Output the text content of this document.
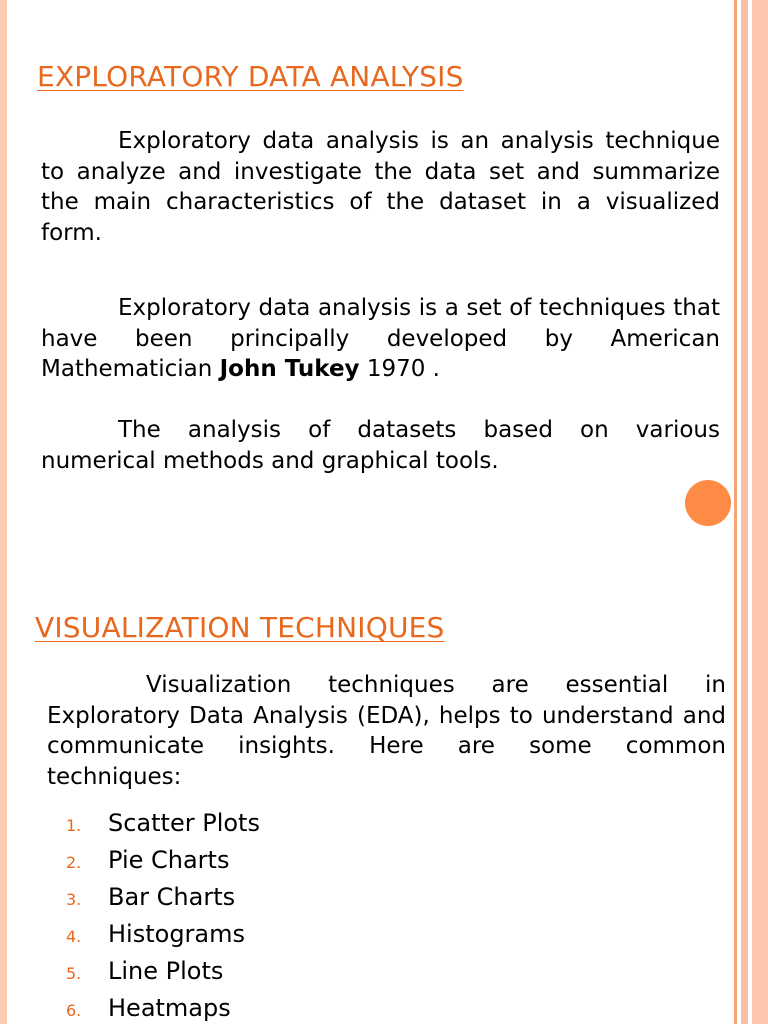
EXPLORATORY DATA ANALYSIS

Exploratory data analysis is an analysis technique to analyze and investigate the data set and summarize the main characteristics of the dataset in a visualized form.

Exploratory data analysis is a set of techniques that have been principally developed by American Mathematician John Tukey 1970 .

The analysis of datasets based on various numerical methods and graphical tools.

VISUALIZATION TECHNIQUES

Visualization techniques are essential in Exploratory Data Analysis (EDA), helps to understand and communicate insights. Here are some common techniques:

1. Scatter Plots
2. Pie Charts
3. Bar Charts
4. Histograms
5. Line Plots
6. Heatmaps
